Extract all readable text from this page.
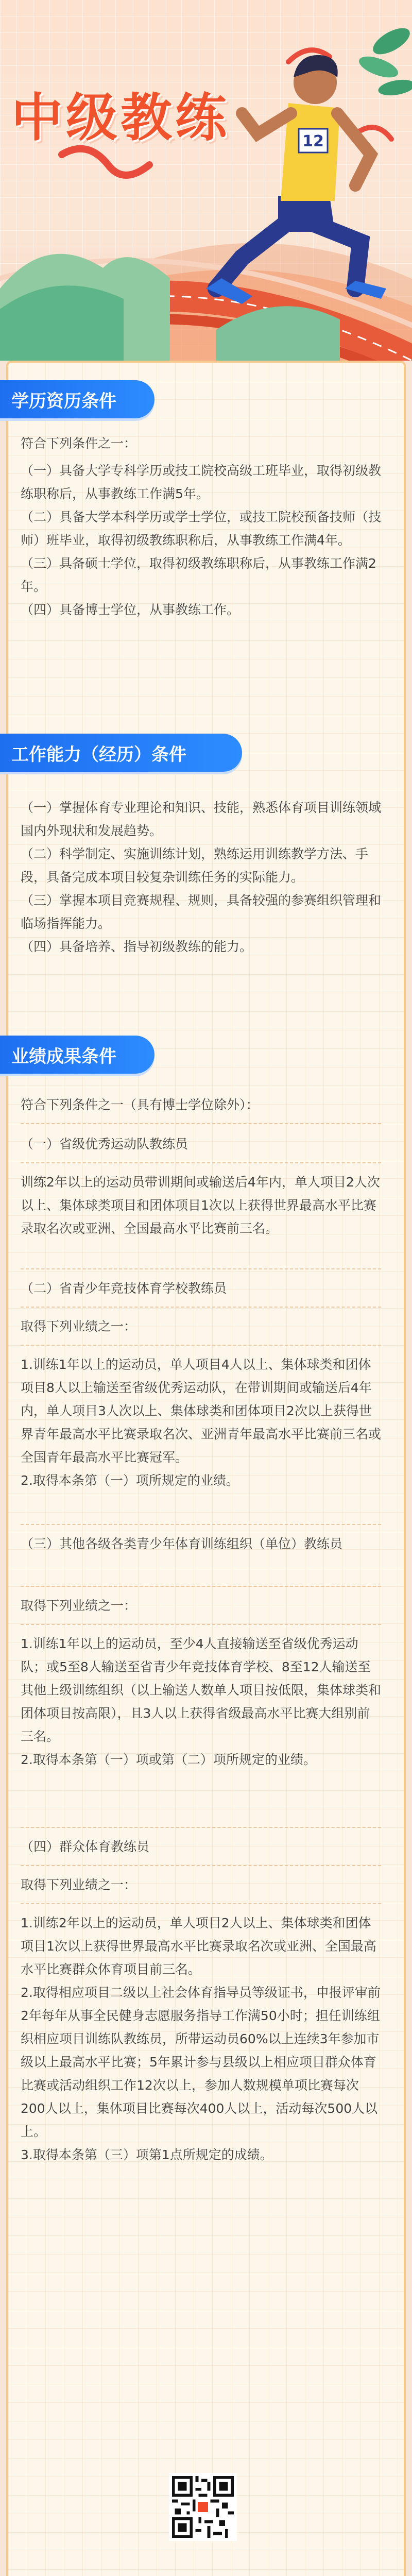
12
中级教练
学历资历条件

符合下列条件之一：

（一）具备大学专科学历或技工院校高级工班毕业，取得初级教练职称后，从事教练工作满5年。

（二）具备大学本科学历或学士学位，或技工院校预备技师（技师）班毕业，取得初级教练职称后，从事教练工作满4年。

（三）具备硕士学位，取得初级教练职称后，从事教练工作满2年。

（四）具备博士学位，从事教练工作。

工作能力（经历）条件

（一）掌握体育专业理论和知识、技能，熟悉体育项目训练领域国内外现状和发展趋势。

（二）科学制定、实施训练计划，熟练运用训练教学方法、手段，具备完成本项目较复杂训练任务的实际能力。

（三）掌握本项目竞赛规程、规则，具备较强的参赛组织管理和临场指挥能力。

（四）具备培养、指导初级教练的能力。

业绩成果条件

符合下列条件之一（具有博士学位除外）：

（一）省级优秀运动队教练员

训练2年以上的运动员带训期间或输送后4年内，单人项目2人次以上、集体球类项目和团体项目1次以上获得世界最高水平比赛录取名次或亚洲、全国最高水平比赛前三名。

（二）省青少年竞技体育学校教练员

取得下列业绩之一：

1.训练1年以上的运动员，单人项目4人以上、集体球类和团体项目8人以上输送至省级优秀运动队，在带训期间或输送后4年内，单人项目3人次以上、集体球类和团体项目2次以上获得世界青年最高水平比赛录取名次、亚洲青年最高水平比赛前三名或全国青年最高水平比赛冠军。

2.取得本条第（一）项所规定的业绩。

（三）其他各级各类青少年体育训练组织（单位）教练员

取得下列业绩之一：

1.训练1年以上的运动员，至少4人直接输送至省级优秀运动队；或5至8人输送至省青少年竞技体育学校、8至12人输送至其他上级训练组织（以上输送人数单人项目按低限，集体球类和团体项目按高限），且3人以上获得省级最高水平比赛大组别前三名。

2.取得本条第（一）项或第（二）项所规定的业绩。

（四）群众体育教练员

取得下列业绩之一：

1.训练2年以上的运动员，单人项目2人以上、集体球类和团体项目1次以上获得世界最高水平比赛录取名次或亚洲、全国最高水平比赛群众体育项目前三名。

2.取得相应项目二级以上社会体育指导员等级证书，申报评审前2年每年从事全民健身志愿服务指导工作满50小时；担任训练组织相应项目训练队教练员，所带运动员60%以上连续3年参加市级以上最高水平比赛；5年累计参与县级以上相应项目群众体育比赛或活动组织工作12次以上，参加人数规模单项比赛每次200人以上，集体项目比赛每次400人以上，活动每次500人以上。

3.取得本条第（三）项第1点所规定的成绩。
